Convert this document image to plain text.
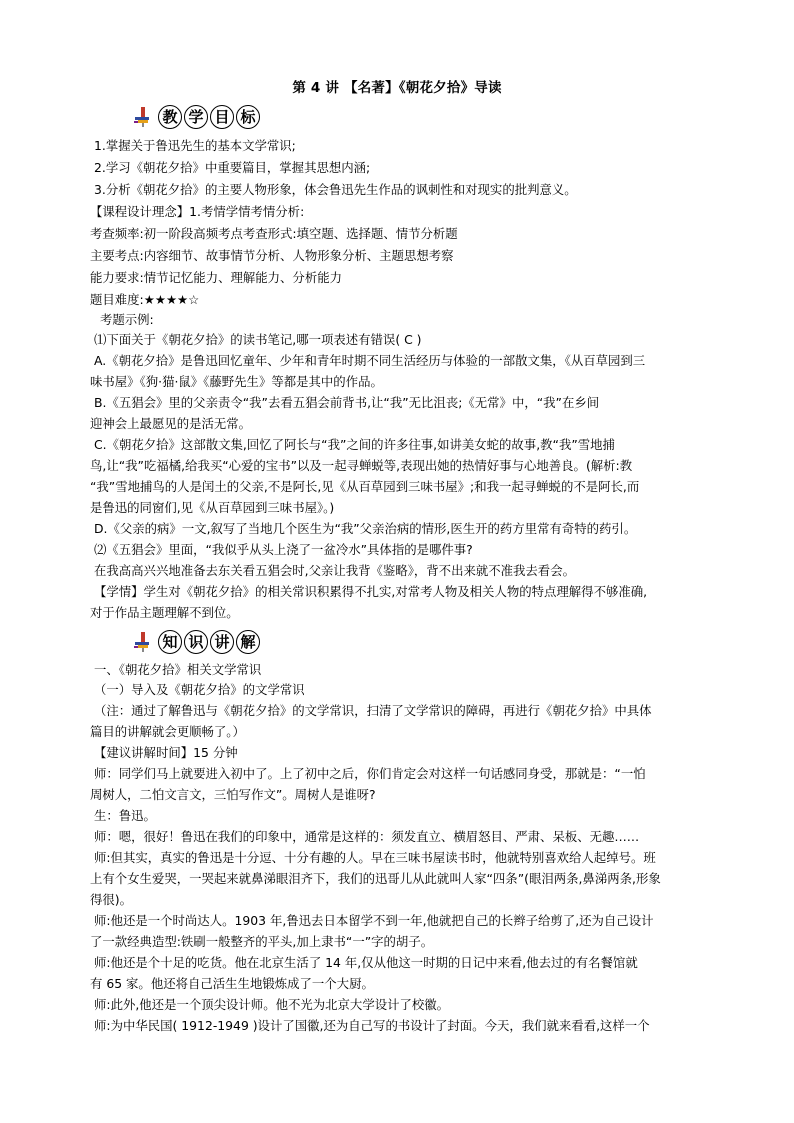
第 4 讲 【名著】《朝花夕拾》导读
教 学 目 标
1.掌握关于鲁迅先生的基本文学常识;
2.学习《朝花夕拾》中重要篇目，掌握其思想内涵;
3.分析《朝花夕拾》的主要人物形象，体会鲁迅先生作品的讽刺性和对现实的批判意义。
【课程设计理念】1.考情学情考情分析:
考查频率:初一阶段高频考点考查形式:填空题、选择题、情节分析题
主要考点:内容细节、故事情节分析、人物形象分析、主题思想考察
能力要求:情节记忆能力、理解能力、分析能力
题目难度:★★★★☆
考题示例:
⑴下面关于《朝花夕拾》的读书笔记,哪一项表述有错误( C )
A.《朝花夕拾》是鲁迅回忆童年、少年和青年时期不同生活经历与体验的一部散文集，《从百草园到三
味书屋》《狗·猫·鼠》《藤野先生》等都是其中的作品。
B.《五猖会》里的父亲责令“我”去看五猖会前背书,让“我”无比沮丧;《无常》中，“我”在乡间
迎神会上最愿见的是活无常。
C.《朝花夕拾》这部散文集,回忆了阿长与“我”之间的许多往事,如讲美女蛇的故事,教“我”雪地捕
鸟,让“我”吃福橘,给我买“心爱的宝书”以及一起寻蝉蜕等,表现出她的热情好事与心地善良。(解析:教
“我”雪地捕鸟的人是闰土的父亲,不是阿长,见《从百草园到三味书屋》;和我一起寻蝉蜕的不是阿长,而
是鲁迅的同窗们,见《从百草园到三味书屋》。)
D.《父亲的病》一文,叙写了当地几个医生为“我”父亲治病的情形,医生开的药方里常有奇特的药引。
⑵《五猖会》里面，“我似乎从头上浇了一盆冷水”具体指的是哪件事?
在我高高兴兴地准备去东关看五猖会时,父亲让我背《鉴略》，背不出来就不准我去看会。
【学情】学生对《朝花夕拾》的相关常识积累得不扎实,对常考人物及相关人物的特点理解得不够准确,
对于作品主题理解不到位。
知 识 讲 解
一、《朝花夕拾》相关文学常识
（一）导入及《朝花夕拾》的文学常识
（注：通过了解鲁迅与《朝花夕拾》的文学常识，扫清了文学常识的障碍，再进行《朝花夕拾》中具体
篇目的讲解就会更顺畅了。）
【建议讲解时间】15 分钟
师：同学们马上就要进入初中了。上了初中之后，你们肯定会对这样一句话感同身受，那就是：“一怕
周树人，二怕文言文，三怕写作文”。周树人是谁呀?
生：鲁迅。
师：嗯，很好！鲁迅在我们的印象中，通常是这样的：须发直立、横眉怒目、严肃、呆板、无趣……
师:但其实，真实的鲁迅是十分逗、十分有趣的人。早在三味书屋读书时，他就特别喜欢给人起绰号。班
上有个女生爱哭，一哭起来就鼻涕眼泪齐下，我们的迅哥儿从此就叫人家“四条”(眼泪两条,鼻涕两条,形象
得很)。
师:他还是一个时尚达人。1903 年,鲁迅去日本留学不到一年,他就把自己的长辫子给剪了,还为自己设计
了一款经典造型:铁刷一般整齐的平头,加上隶书“一”字的胡子。
师:他还是个十足的吃货。他在北京生活了 14 年,仅从他这一时期的日记中来看,他去过的有名餐馆就
有 65 家。他还将自己活生生地锻炼成了一个大厨。
师:此外,他还是一个顶尖设计师。他不光为北京大学设计了校徽。
师:为中华民国( 1912-1949 )设计了国徽,还为自己写的书设计了封面。今天，我们就来看看,这样一个
